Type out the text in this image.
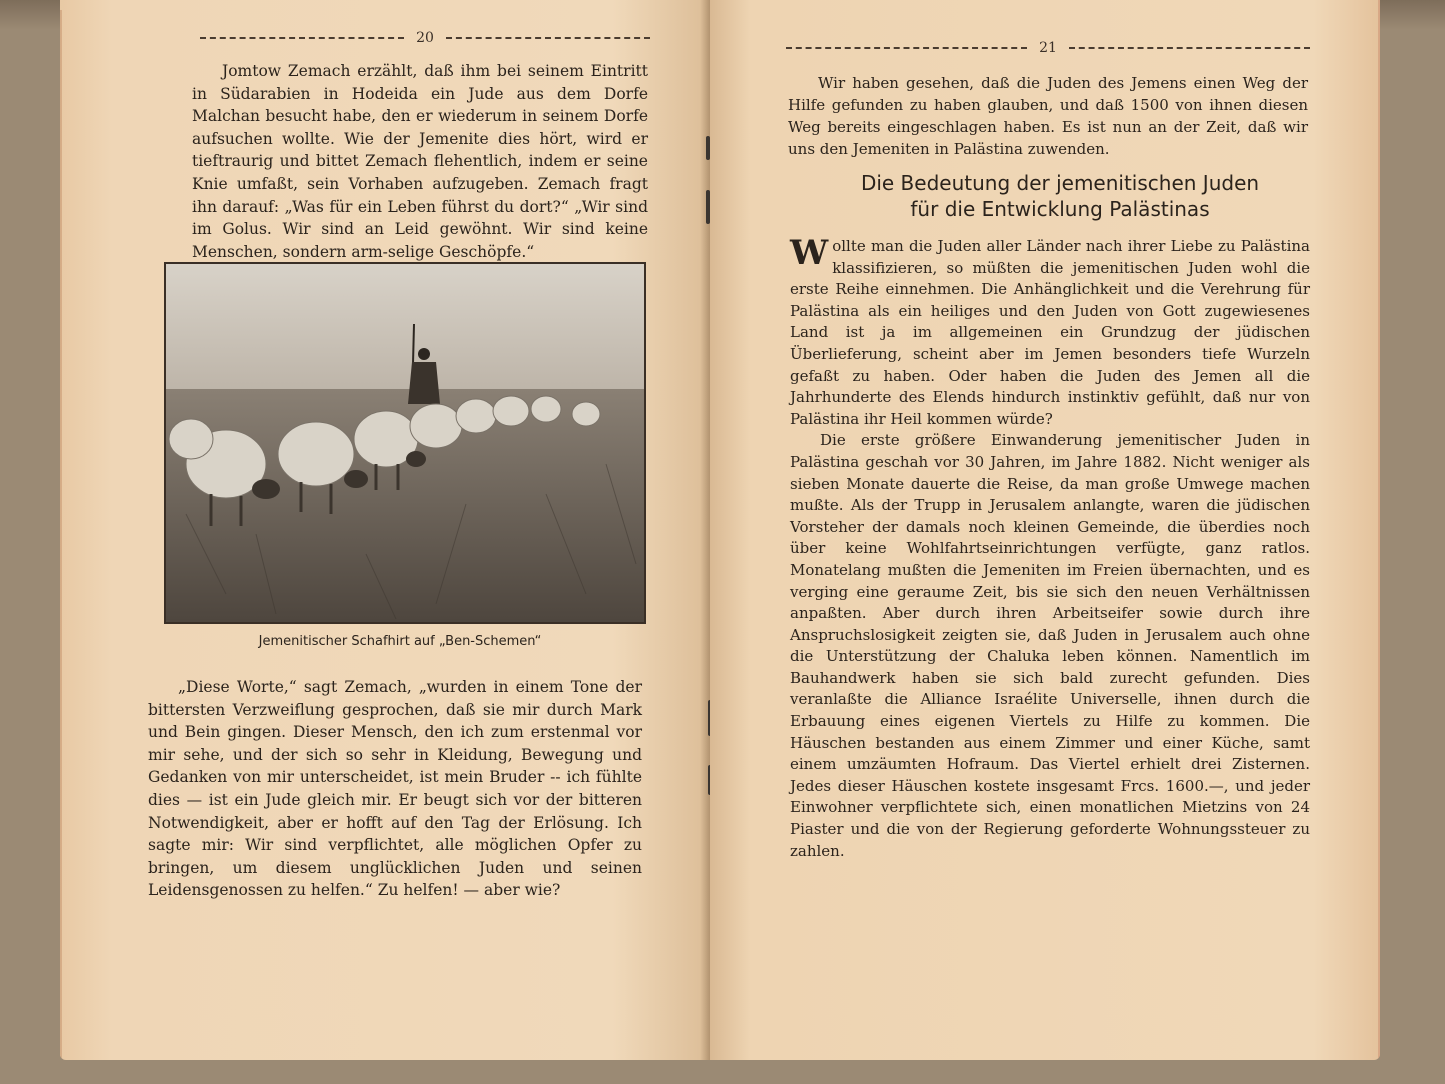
20

Jomtow Zemach erzählt, daß ihm bei seinem Eintritt in Südarabien in Hodeida ein Jude aus dem Dorfe Malchan besucht habe, den er wiederum in seinem Dorfe aufsuchen wollte. Wie der Jemenite dies hört, wird er tieftraurig und bittet Zemach flehentlich, indem er seine Knie umfaßt, sein Vorhaben aufzugeben. Zemach fragt ihn darauf: „Was für ein Leben führst du dort?“ „Wir sind im Golus. Wir sind an Leid gewöhnt. Wir sind keine Menschen, sondern arm-selige Geschöpfe.“

Jemenitischer Schafhirt auf „Ben-Schemen“

„Diese Worte,“ sagt Zemach, „wurden in einem Tone der bittersten Verzweiflung gesprochen, daß sie mir durch Mark und Bein gingen. Dieser Mensch, den ich zum erstenmal vor mir sehe, und der sich so sehr in Kleidung, Bewegung und Gedanken von mir unterscheidet, ist mein Bruder -- ich fühlte dies — ist ein Jude gleich mir. Er beugt sich vor der bitteren Notwendigkeit, aber er hofft auf den Tag der Erlösung. Ich sagte mir: Wir sind verpflichtet, alle möglichen Opfer zu bringen, um diesem unglücklichen Juden und seinen Leidensgenossen zu helfen.“ Zu helfen! — aber wie?

21

Wir haben gesehen, daß die Juden des Jemens einen Weg der Hilfe gefunden zu haben glauben, und daß 1500 von ihnen diesen Weg bereits eingeschlagen haben. Es ist nun an der Zeit, daß wir uns den Jemeniten in Palästina zuwenden.

Die Bedeutung der jemenitischen Juden
für die Entwicklung Palästinas

Wollte man die Juden aller Länder nach ihrer Liebe zu Palästina klassifizieren, so müßten die jemenitischen Juden wohl die erste Reihe einnehmen. Die Anhänglichkeit und die Verehrung für Palästina als ein heiliges und den Juden von Gott zugewiesenes Land ist ja im allgemeinen ein Grundzug der jüdischen Überlieferung, scheint aber im Jemen besonders tiefe Wurzeln gefaßt zu haben. Oder haben die Juden des Jemen all die Jahrhunderte des Elends hindurch instinktiv gefühlt, daß nur von Palästina ihr Heil kommen würde?

Die erste größere Einwanderung jemenitischer Juden in Palästina geschah vor 30 Jahren, im Jahre 1882. Nicht weniger als sieben Monate dauerte die Reise, da man große Umwege machen mußte. Als der Trupp in Jerusalem anlangte, waren die jüdischen Vorsteher der damals noch kleinen Gemeinde, die überdies noch über keine Wohlfahrtseinrichtungen verfügte, ganz ratlos. Monatelang mußten die Jemeniten im Freien übernachten, und es verging eine geraume Zeit, bis sie sich den neuen Verhältnissen anpaßten. Aber durch ihren Arbeitseifer sowie durch ihre Anspruchslosigkeit zeigten sie, daß Juden in Jerusalem auch ohne die Unterstützung der Chaluka leben können. Namentlich im Bauhandwerk haben sie sich bald zurecht gefunden. Dies veranlaßte die Alliance Israélite Universelle, ihnen durch die Erbauung eines eigenen Viertels zu Hilfe zu kommen. Die Häuschen bestanden aus einem Zimmer und einer Küche, samt einem umzäumten Hofraum. Das Viertel erhielt drei Zisternen. Jedes dieser Häuschen kostete insgesamt Frcs. 1600.—, und jeder Einwohner verpflichtete sich, einen monatlichen Mietzins von 24 Piaster und die von der Regierung geforderte Wohnungssteuer zu zahlen.
